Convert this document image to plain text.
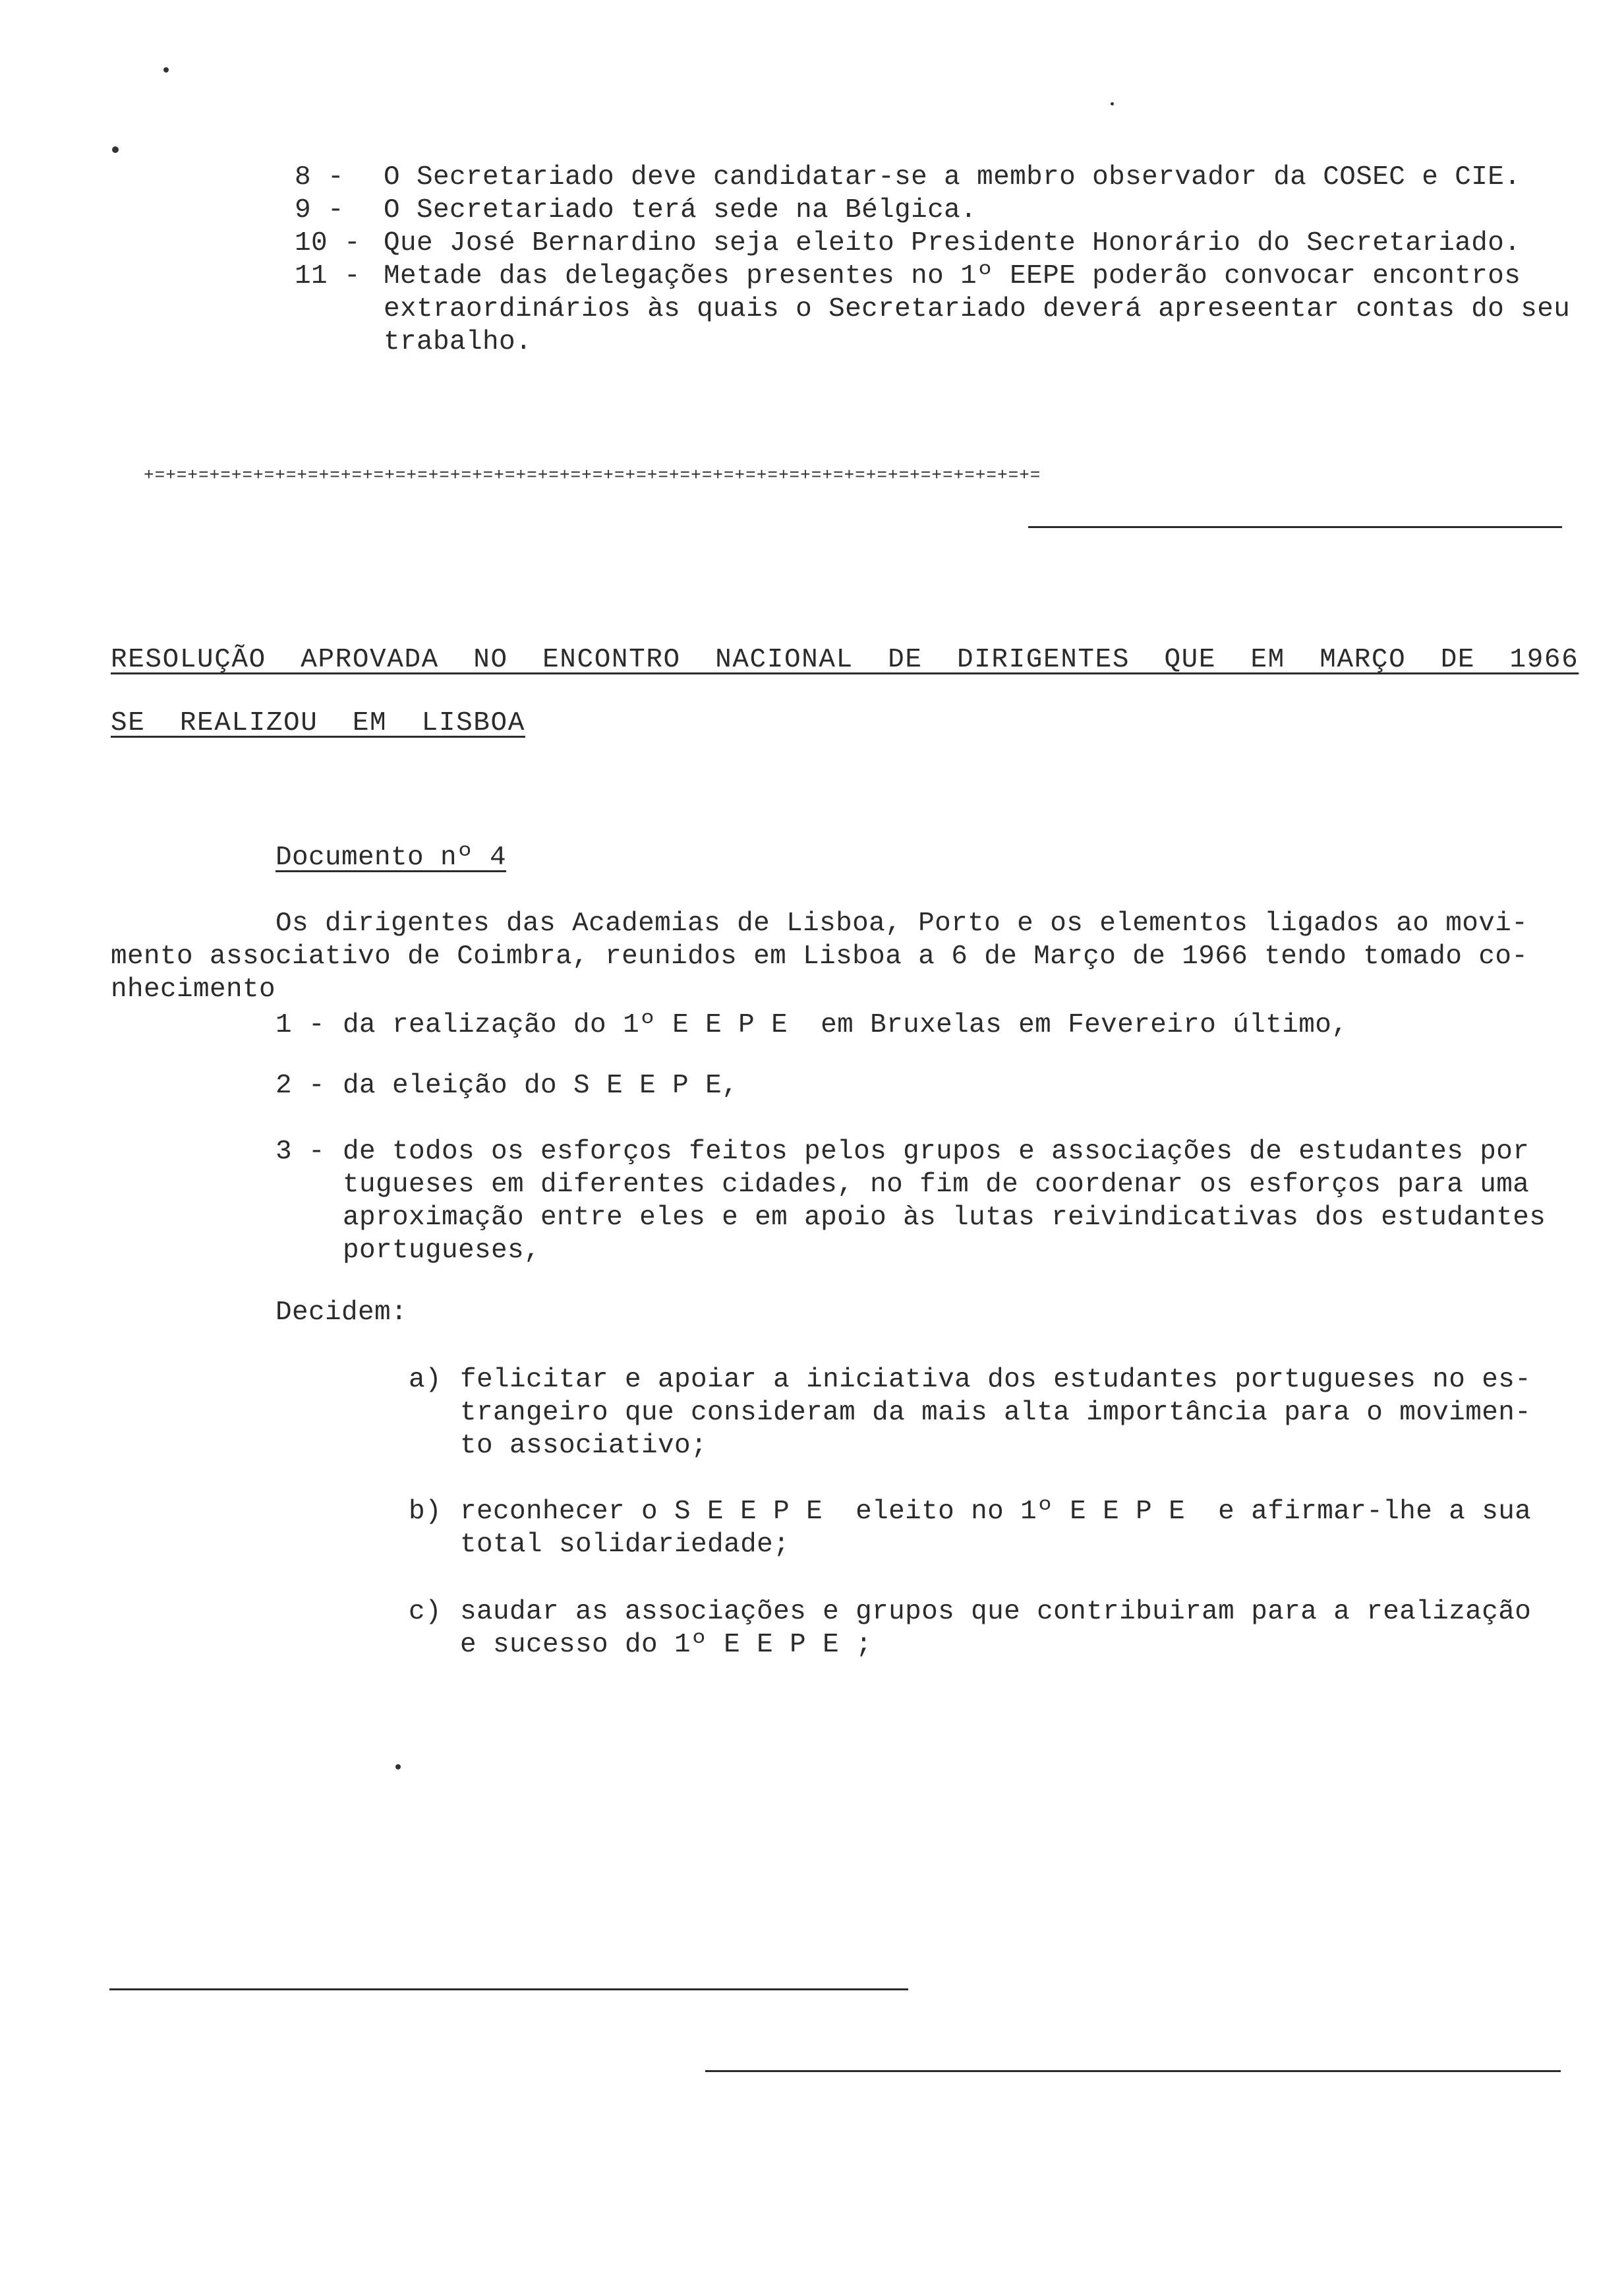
8 - O Secretariado deve candidatar-se a membro observador da COSEC e CIE.
9 - O Secretariado terá sede na Bélgica.
10 - Que José Bernardino seja eleito Presidente Honorário do Secretariado.
11 - Metade das delegações presentes no 1º EEPE poderão convocar encontros
extraordinários às quais o Secretariado deverá apreseentar contas do seu
trabalho.
+=+=+=+=+=+=+=+=+=+=+=+=+=+=+=+=+=+=+=+=+=+=+=+=+=+=+=+=+=+=+=+=+=+=+=+=+=+=+=+=+=
RESOLUÇÃO  APROVADA  NO  ENCONTRO  NACIONAL  DE  DIRIGENTES  QUE  EM  MARÇO  DE  1966
SE  REALIZOU  EM  LISBOA
Documento nº 4
Os dirigentes das Academias de Lisboa, Porto e os elementos ligados ao movi-
mento associativo de Coimbra, reunidos em Lisboa a 6 de Março de 1966 tendo tomado co-
nhecimento
1 - da realização do 1º E E P E  em Bruxelas em Fevereiro último,
2 - da eleição do S E E P E,
3 - de todos os esforços feitos pelos grupos e associações de estudantes por
tugueses em diferentes cidades, no fim de coordenar os esforços para uma
aproximação entre eles e em apoio às lutas reivindicativas dos estudantes
portugueses,
Decidem:
a) felicitar e apoiar a iniciativa dos estudantes portugueses no es-
trangeiro que consideram da mais alta importância para o movimen-
to associativo;
b) reconhecer o S E E P E  eleito no 1º E E P E  e afirmar-lhe a sua
total solidariedade;
c) saudar as associações e grupos que contribuiram para a realização
e sucesso do 1º E E P E ;
